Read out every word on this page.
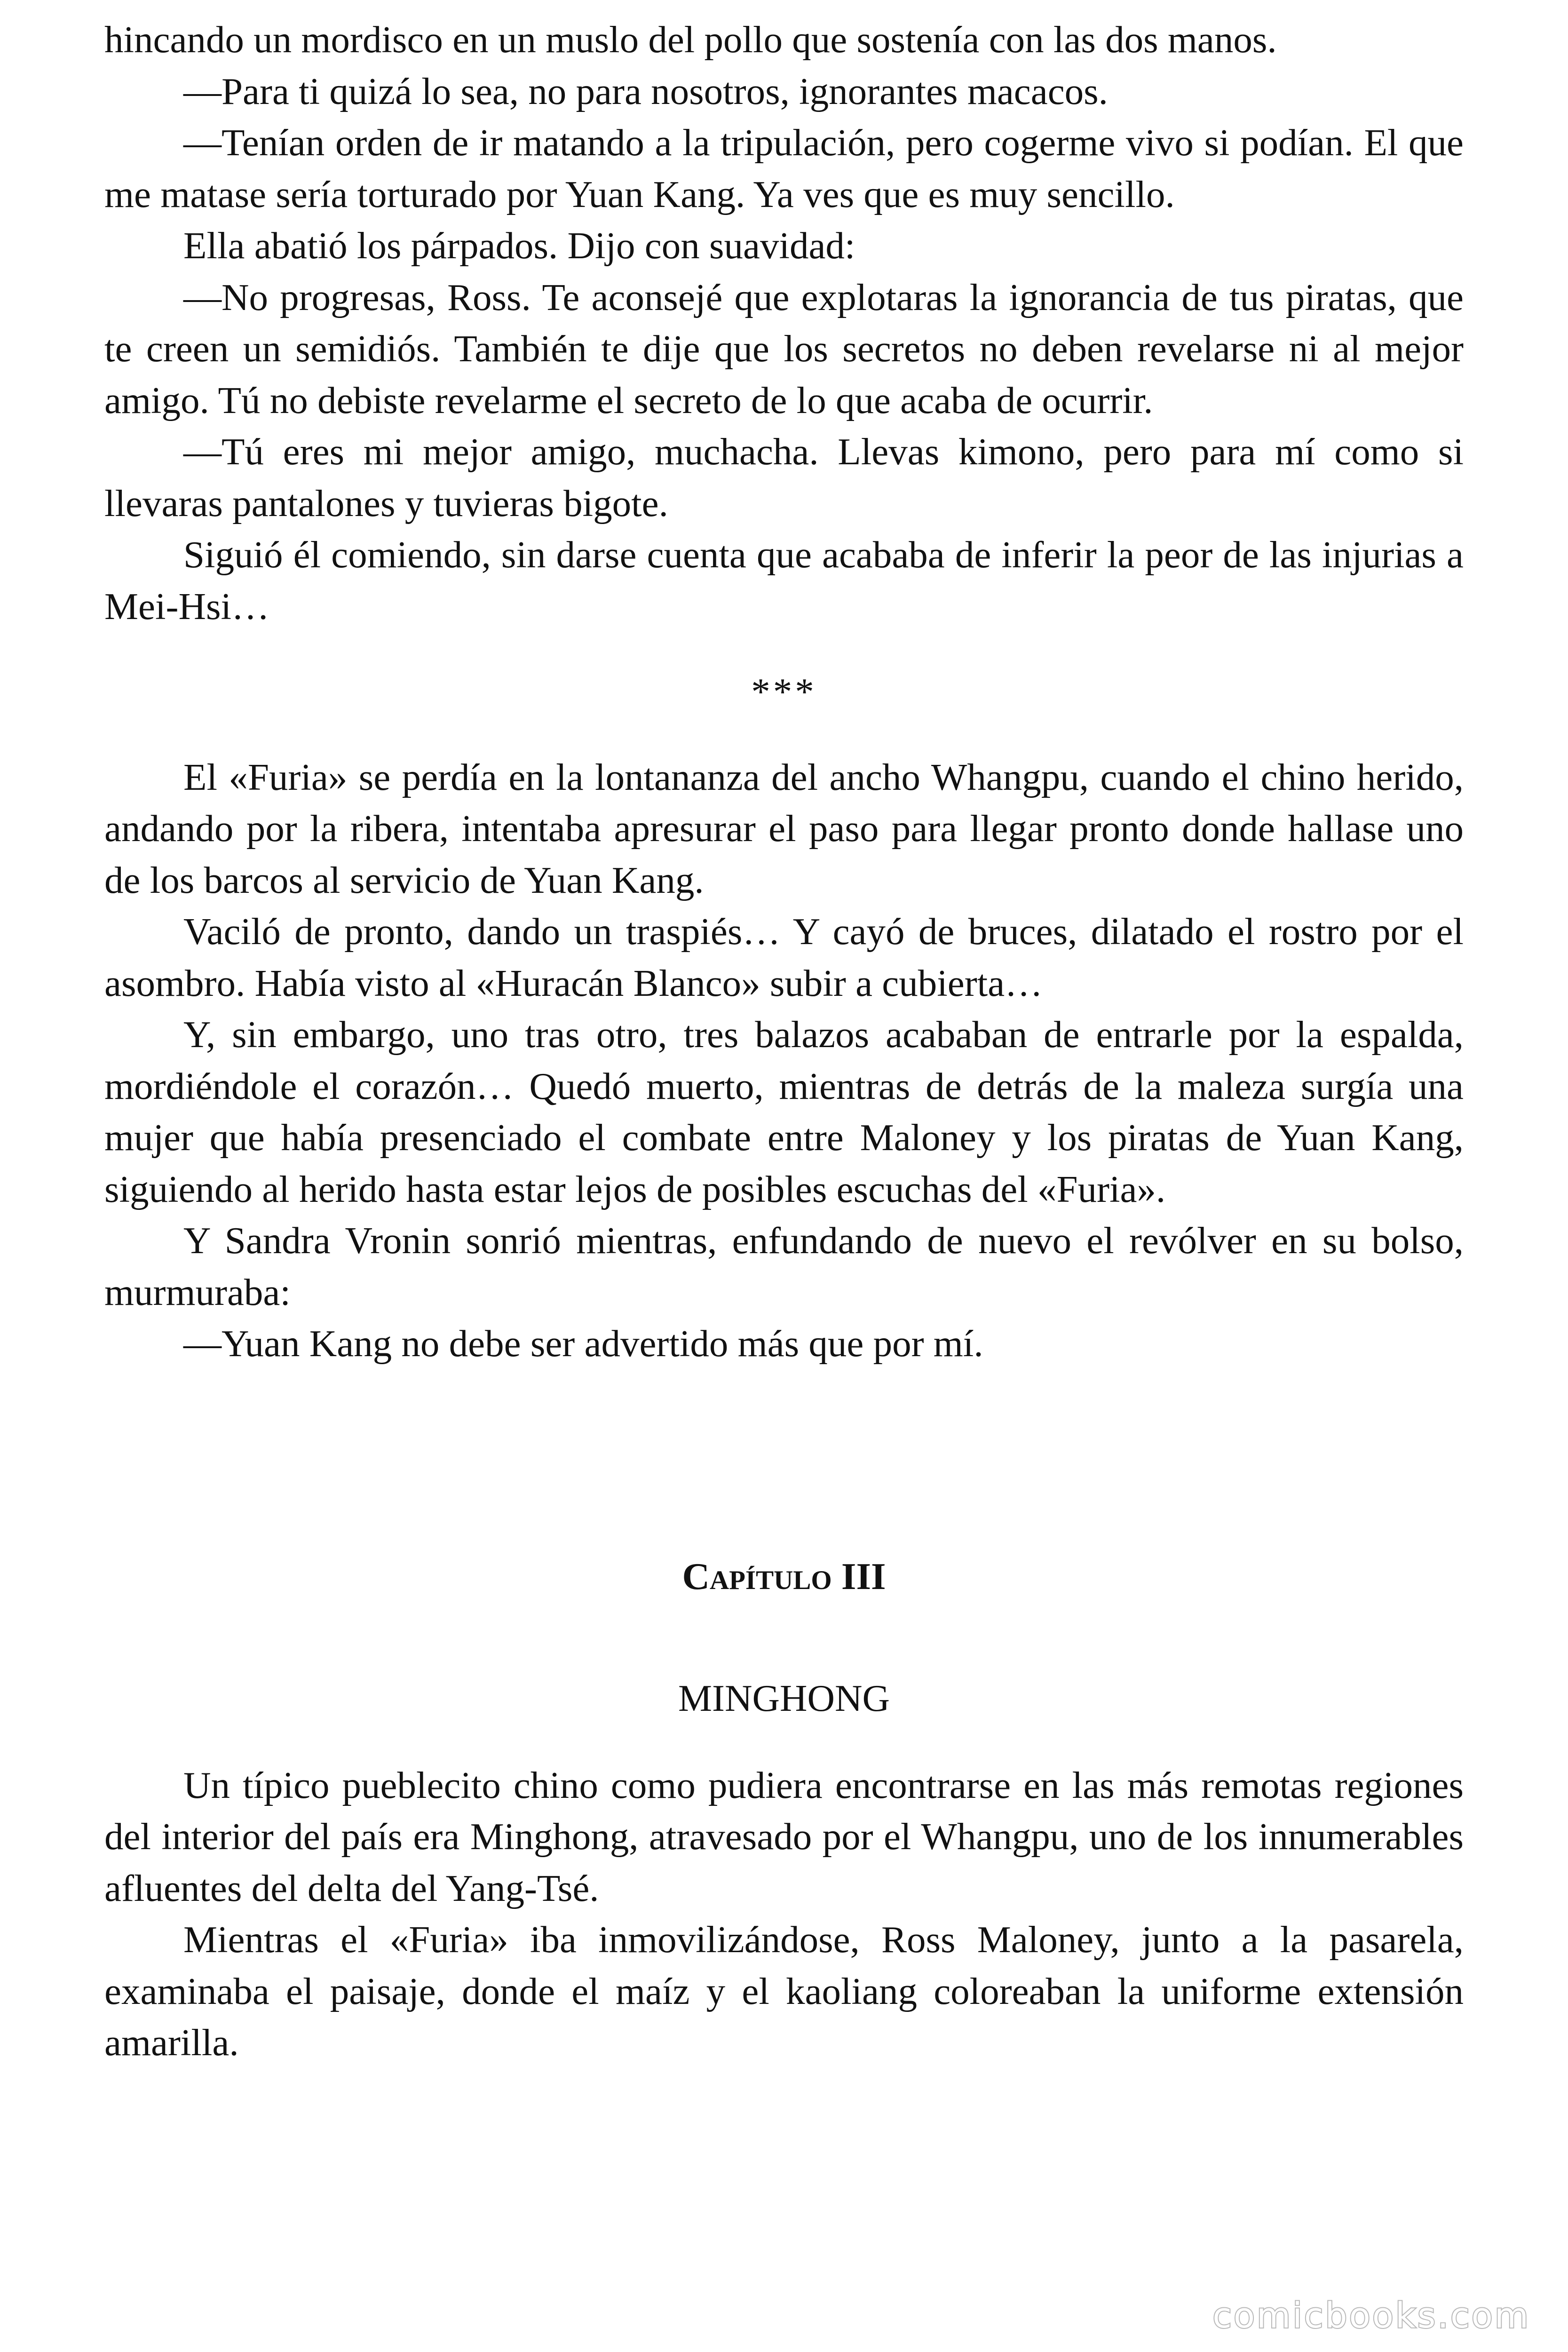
hincando un mordisco en un muslo del pollo que sostenía con las dos manos.

—Para ti quizá lo sea, no para nosotros, ignorantes macacos.

—Tenían orden de ir matando a la tripulación, pero cogerme vivo si podían. El que me matase sería torturado por Yuan Kang. Ya ves que es muy sencillo.

Ella abatió los párpados. Dijo con suavidad:

—No progresas, Ross. Te aconsejé que explotaras la ignorancia de tus piratas, que te creen un semidiós. También te dije que los secretos no deben revelarse ni al mejor amigo. Tú no debiste revelarme el secreto de lo que acaba de ocurrir.

—Tú eres mi mejor amigo, muchacha. Llevas kimono, pero para mí como si llevaras pantalones y tuvieras bigote.

Siguió él comiendo, sin darse cuenta que acababa de inferir la peor de las injurias a Mei-Hsi…

***

El «Furia» se perdía en la lontananza del ancho Whangpu, cuando el chino herido, andando por la ribera, intentaba apresurar el paso para llegar pronto donde hallase uno de los barcos al servicio de Yuan Kang.

Vaciló de pronto, dando un traspiés… Y cayó de bruces, dilatado el rostro por el asombro. Había visto al «Huracán Blanco» subir a cubierta…

Y, sin embargo, uno tras otro, tres balazos acababan de entrarle por la espalda, mordiéndole el corazón… Quedó muerto, mientras de detrás de la maleza surgía una mujer que había presenciado el combate entre Maloney y los piratas de Yuan Kang, siguiendo al herido hasta estar lejos de posibles escuchas del «Furia».

Y Sandra Vronin sonrió mientras, enfundando de nuevo el revólver en su bolso, murmuraba:

—Yuan Kang no debe ser advertido más que por mí.

Capítulo III
MINGHONG

Un típico pueblecito chino como pudiera encontrarse en las más remotas regiones del interior del país era Minghong, atravesado por el Whangpu, uno de los innumerables afluentes del delta del Yang-Tsé.

Mientras el «Furia» iba inmovilizándose, Ross Maloney, junto a la pasarela, examinaba el paisaje, donde el maíz y el kaoliang coloreaban la uniforme extensión amarilla.

comicbooks.com
